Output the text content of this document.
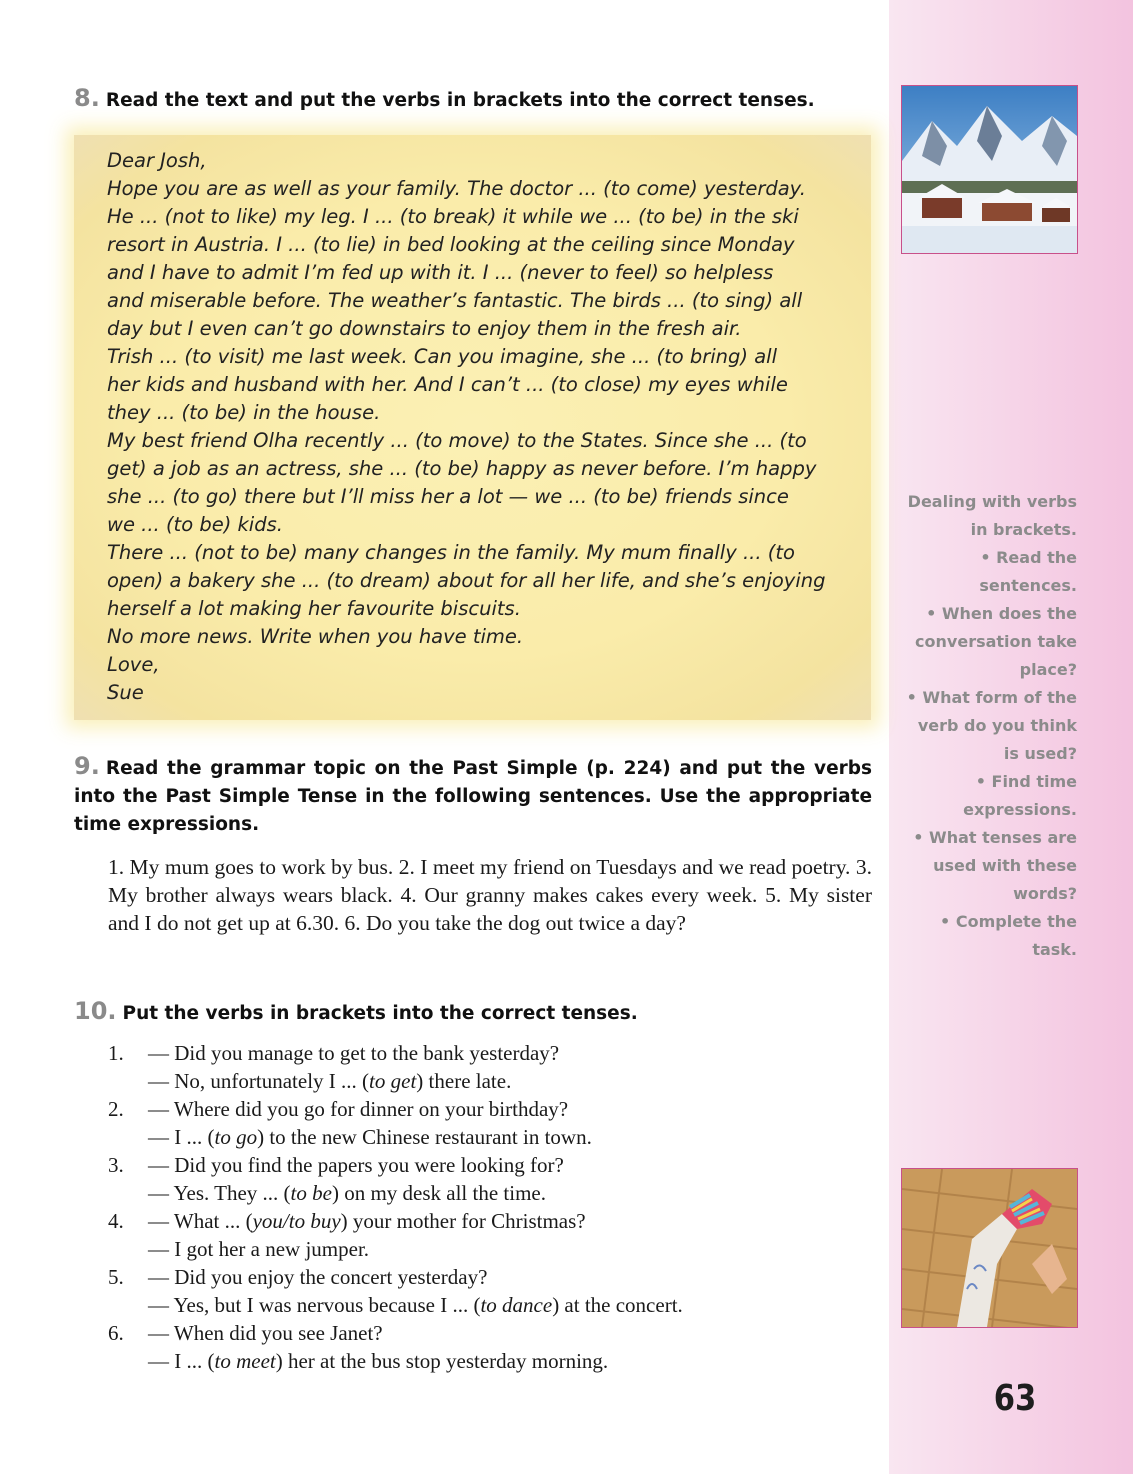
8. Read the text and put the verbs in brackets into the correct tenses.
Dear Josh,
Hope you are as well as your family. The doctor ... (to come) yesterday.
He ... (not to like) my leg. I ... (to break) it while we ... (to be) in the ski
resort in Austria. I ... (to lie) in bed looking at the ceiling since Monday
and I have to admit I’m fed up with it. I ... (never to feel) so helpless
and miserable before. The weather’s fantastic. The birds ... (to sing) all
day but I even can’t go downstairs to enjoy them in the fresh air.
Trish ... (to visit) me last week. Can you imagine, she ... (to bring) all
her kids and husband with her. And I can’t ... (to close) my eyes while
they ... (to be) in the house.
My best friend Olha recently ... (to move) to the States. Since she ... (to
get) a job as an actress, she ... (to be) happy as never before. I’m happy
she ... (to go) there but I’ll miss her a lot — we ... (to be) friends since
we ... (to be) kids.
There ... (not to be) many changes in the family. My mum finally ... (to
open) a bakery she ... (to dream) about for all her life, and she’s enjoying
herself a lot making her favourite biscuits.
No more news. Write when you have time.
Love,
Sue
9. Read the grammar topic on the Past Simple (p. 224) and put the verbs into the Past Simple Tense in the following sentences. Use the appropriate time expressions.
1. My mum goes to work by bus. 2. I meet my friend on Tuesdays and we read poetry. 3. My brother always wears black. 4. Our granny makes cakes every week. 5. My sister and I do not get up at 6.30. 6. Do you take the dog out twice a day?
10. Put the verbs in brackets into the correct tenses.
1. — Did you manage to get to the bank yesterday?
— No, unfortunately I ... (to get) there late.
2. — Where did you go for dinner on your birthday?
— I ... (to go) to the new Chinese restaurant in town.
3. — Did you find the papers you were looking for?
— Yes. They ... (to be) on my desk all the time.
4. — What ... (you/to buy) your mother for Christmas?
— I got her a new jumper.
5. — Did you enjoy the concert yesterday?
— Yes, but I was nervous because I ... (to dance) at the concert.
6. — When did you see Janet?
— I ... (to meet) her at the bus stop yesterday morning.
Dealing with verbs
in brackets.
• Read the
sentences.
• When does the
conversation take
place?
• What form of the
verb do you think
is used?
• Find time
expressions.
• What tenses are
used with these
words?
• Complete the
task.
63
